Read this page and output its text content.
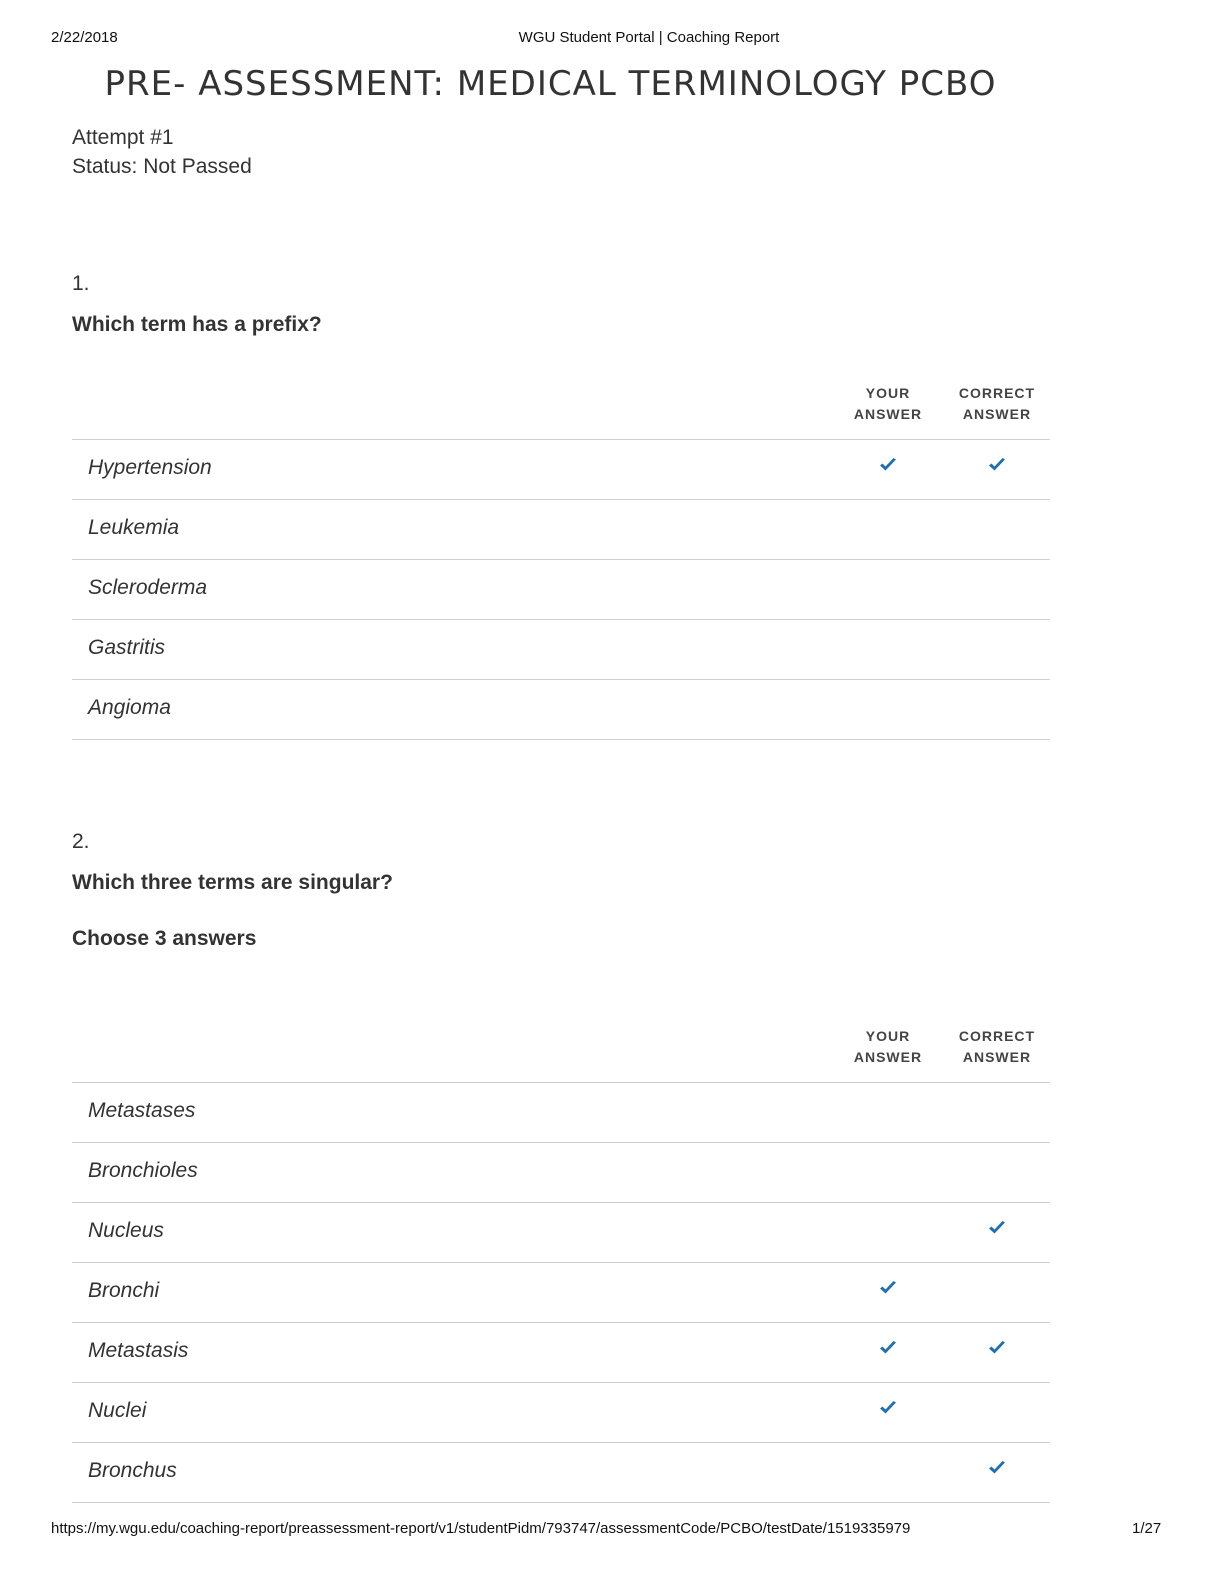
2/22/2018	WGU Student Portal | Coaching Report
PRE- ASSESSMENT: MEDICAL TERMINOLOGY PCBO
Attempt #1
Status: Not Passed
1.
Which term has a prefix?
YOUR
ANSWER
CORRECT
ANSWER
Hypertension
Leukemia
Scleroderma
Gastritis
Angioma
2.
Which three terms are singular?
Choose 3 answers
YOUR
ANSWER
CORRECT
ANSWER
Metastases
Bronchioles
Nucleus
Bronchi
Metastasis
Nuclei
Bronchus
https://my.wgu.edu/coaching-report/preassessment-report/v1/studentPidm/793747/assessmentCode/PCBO/testDate/1519335979	1/27
